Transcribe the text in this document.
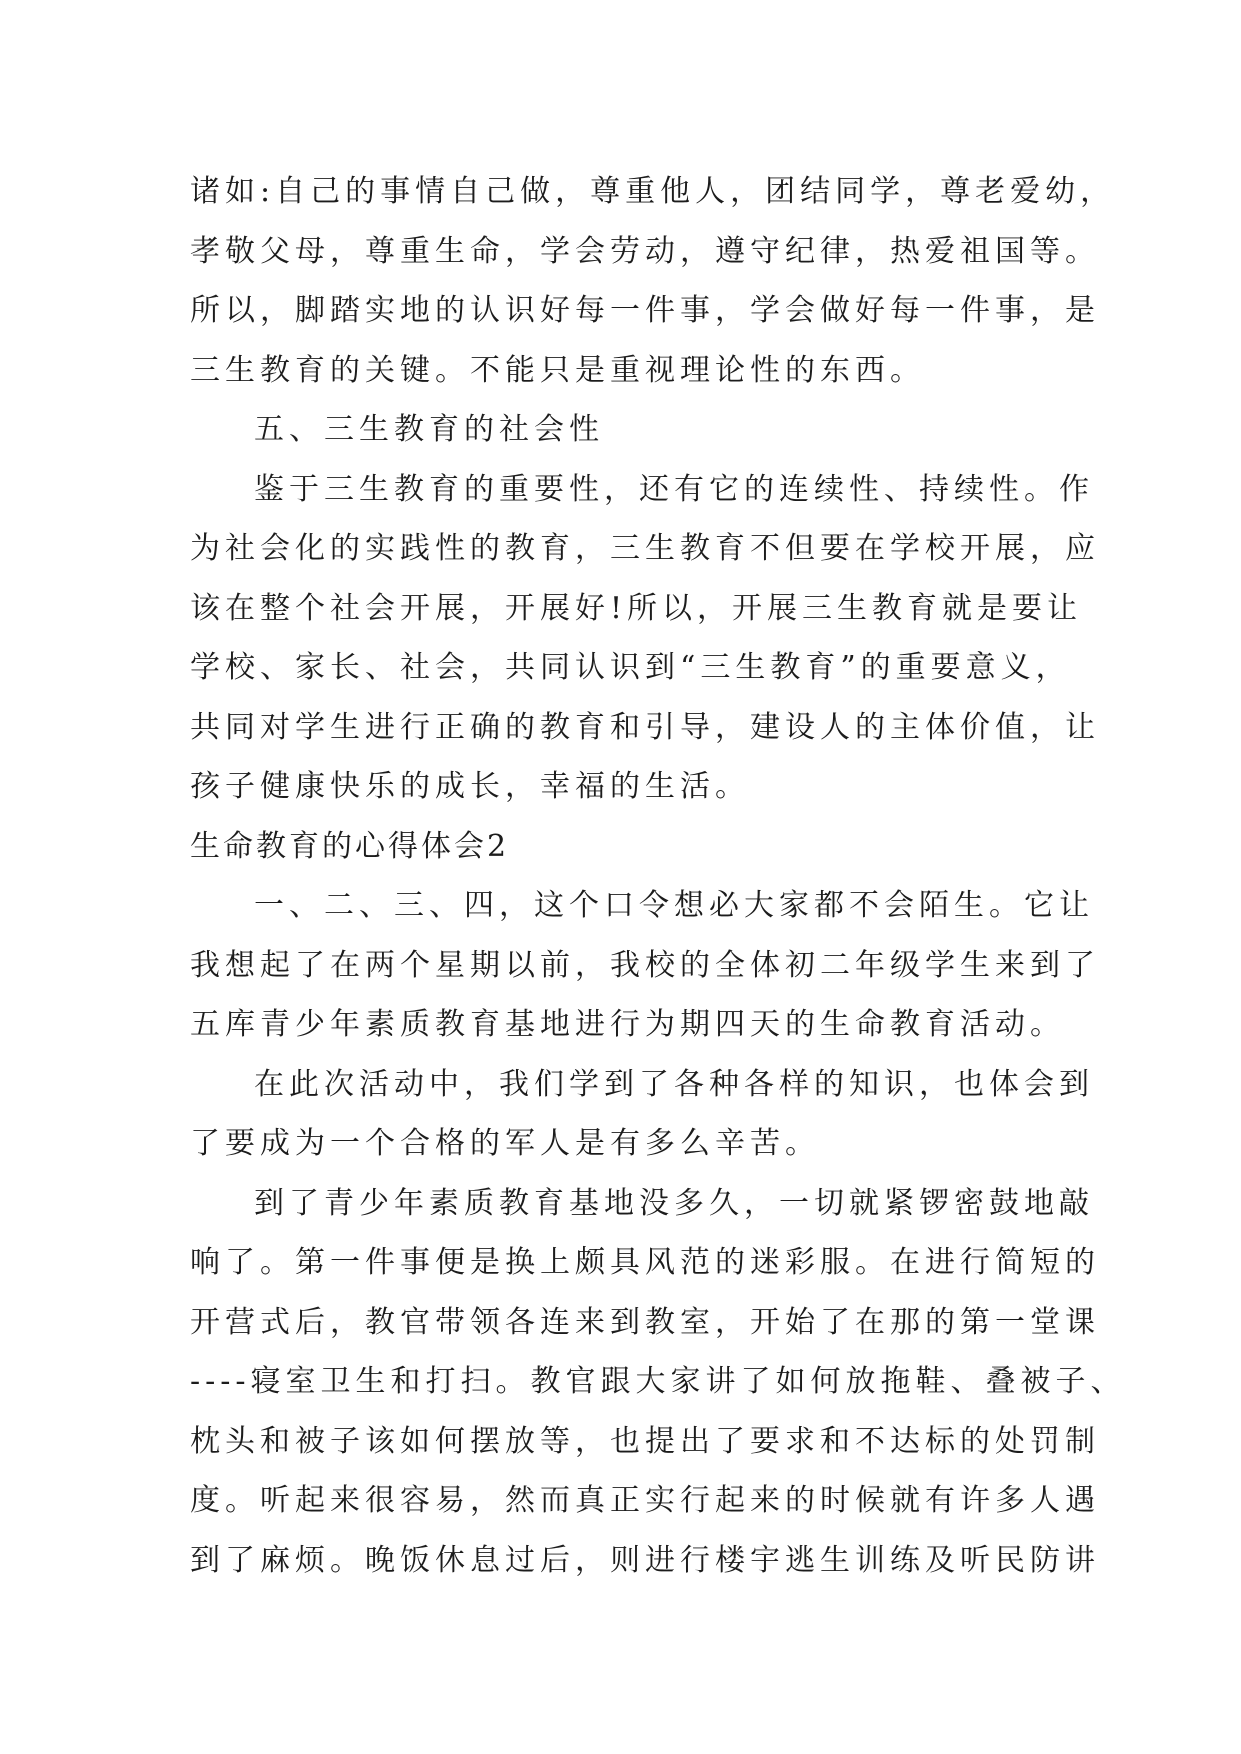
诸如:自己的事情自己做，尊重他人，团结同学，尊老爱幼，
孝敬父母，尊重生命，学会劳动，遵守纪律，热爱祖国等。
所以，脚踏实地的认识好每一件事，学会做好每一件事，是
三生教育的关键。不能只是重视理论性的东西。
五、三生教育的社会性
鉴于三生教育的重要性，还有它的连续性、持续性。作
为社会化的实践性的教育，三生教育不但要在学校开展，应
该在整个社会开展，开展好!所以，开展三生教育就是要让
学校、家长、社会，共同认识到“三生教育”的重要意义，
共同对学生进行正确的教育和引导，建设人的主体价值，让
孩子健康快乐的成长，幸福的生活。
生命教育的心得体会2
一、二、三、四，这个口令想必大家都不会陌生。它让
我想起了在两个星期以前，我校的全体初二年级学生来到了
五库青少年素质教育基地进行为期四天的生命教育活动。
在此次活动中，我们学到了各种各样的知识，也体会到
了要成为一个合格的军人是有多么辛苦。
到了青少年素质教育基地没多久，一切就紧锣密鼓地敲
响了。第一件事便是换上颇具风范的迷彩服。在进行简短的
开营式后，教官带领各连来到教室，开始了在那的第一堂课
----寝室卫生和打扫。教官跟大家讲了如何放拖鞋、叠被子、
枕头和被子该如何摆放等，也提出了要求和不达标的处罚制
度。听起来很容易，然而真正实行起来的时候就有许多人遇
到了麻烦。晚饭休息过后，则进行楼宇逃生训练及听民防讲
